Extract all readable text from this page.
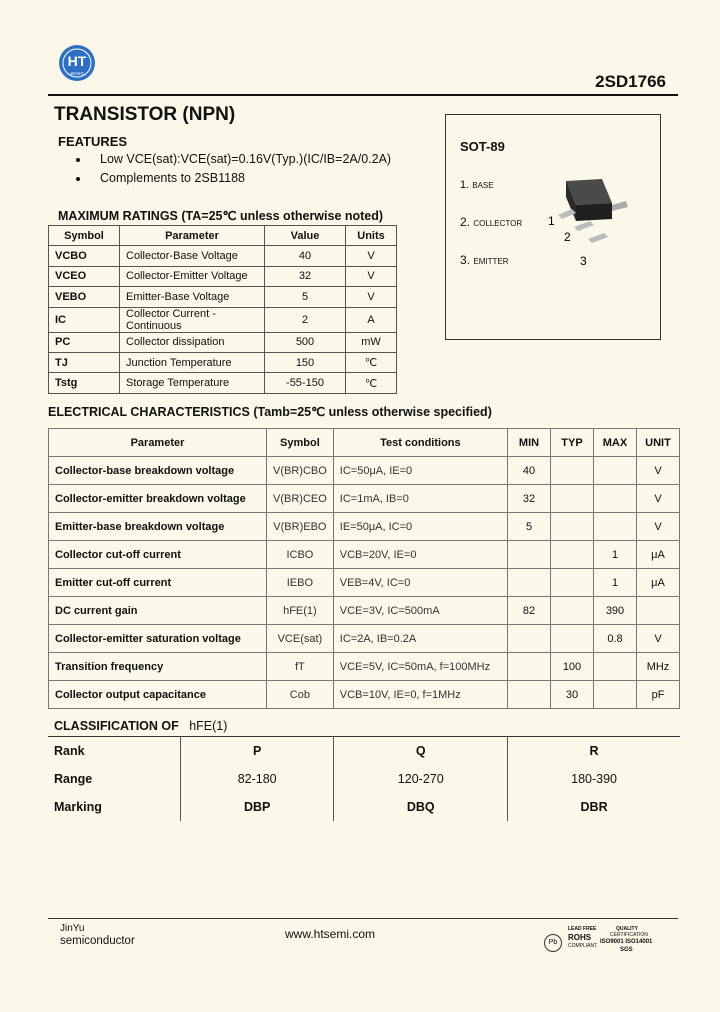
HT
WANG	2SD1766
TRANSISTOR (NPN)
FEATURES
Low VCE(sat):VCE(sat)=0.16V(Typ.)(IC/IB=2A/0.2A)
Complements to 2SB1188
SOT-89
1. BASE
2. COLLECTOR
3. EMITTER
1
2
3
MAXIMUM RATINGS (TA=25℃ unless otherwise noted)
Symbol	Parameter	Value	Units
VCBO	Collector-Base Voltage	40	V
VCEO	Collector-Emitter Voltage	32	V
VEBO	Emitter-Base Voltage	5	V
IC	Collector Current -Continuous	2	A
PC	Collector dissipation	500	mW
TJ	Junction Temperature	150	℃
Tstg	Storage Temperature	-55-150	℃
ELECTRICAL CHARACTERISTICS (Tamb=25℃ unless otherwise specified)
Parameter	Symbol	Test conditions	MIN	TYP	MAX	UNIT
Collector-base breakdown voltage	V(BR)CBO	IC=50μA, IE=0	40			V
Collector-emitter breakdown voltage	V(BR)CEO	IC=1mA, IB=0	32			V
Emitter-base breakdown voltage	V(BR)EBO	IE=50μA, IC=0	5			V
Collector cut-off current	ICBO	VCB=20V, IE=0			1	μA
Emitter cut-off current	IEBO	VEB=4V, IC=0			1	μA
DC current gain	hFE(1)	VCE=3V, IC=500mA	82		390	
Collector-emitter saturation voltage	VCE(sat)	IC=2A, IB=0.2A			0.8	V
Transition frequency	fT	VCE=5V, IC=50mA, f=100MHz		100		MHz
Collector output capacitance	Cob	VCB=10V, IE=0, f=1MHz		30		pF
CLASSIFICATION OF hFE(1)
Rank	P	Q	R
Range	82-180	120-270	180-390
Marking	DBP	DBQ	DBR
JinYu
semiconductor	www.htsemi.com
Pb
LEAD FREE
ROHS
COMPLIANT
QUALITY
CERTIFICATION
ISO9001 ISO14001
SGS
